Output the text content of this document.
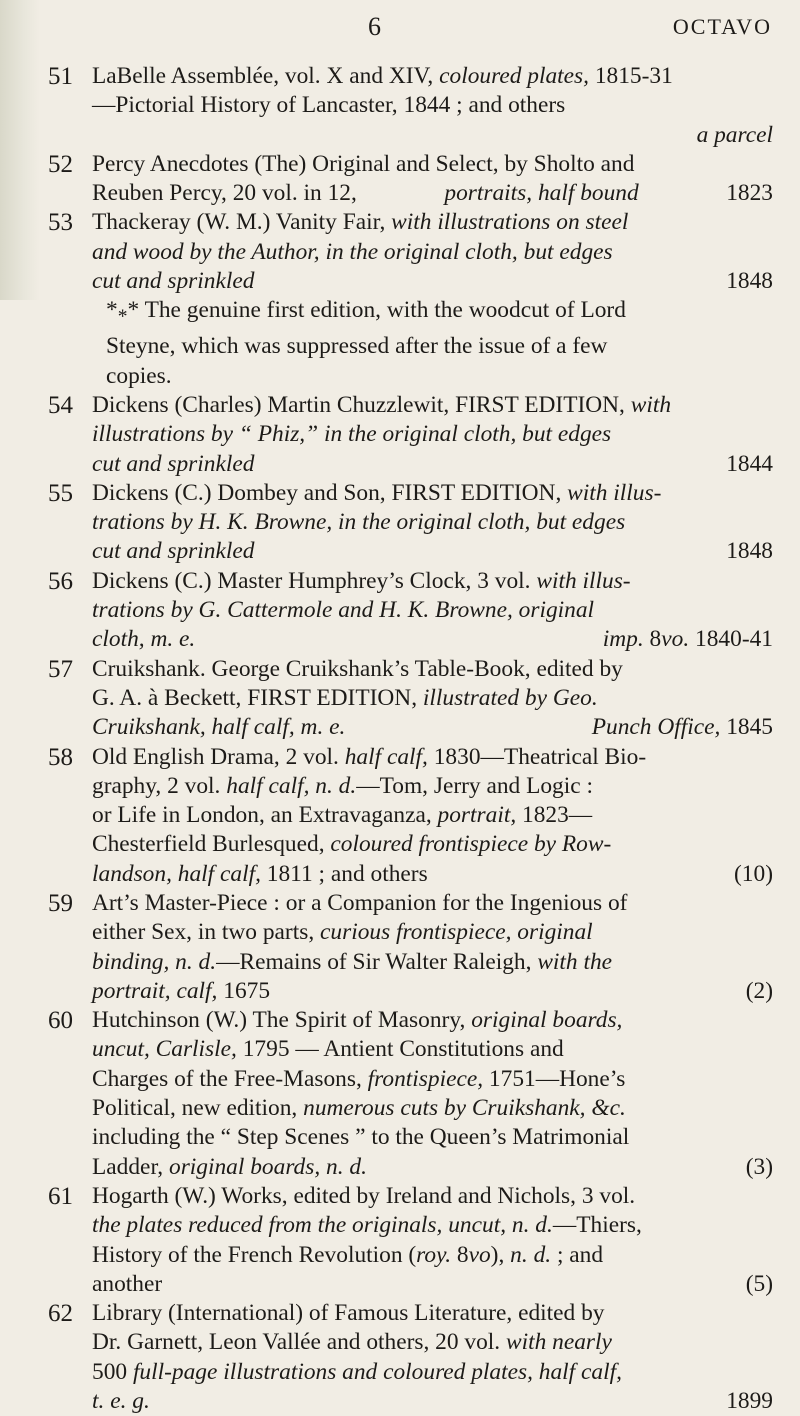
6	OCTAVO
51 LaBelle Assemblée, vol. X and XIV, coloured plates, 1815-31
—Pictorial History of Lancaster, 1844 ; and others
a parcel
52 Percy Anecdotes (The) Original and Select, by Sholto and
Reuben Percy, 20 vol. in 12,	portraits, half bound	1823
53 Thackeray (W. M.) Vanity Fair, with illustrations on steel
and wood by the Author, in the original cloth, but edges
cut and sprinkled	1848
$*_**$ The genuine first edition, with the woodcut of Lord
Steyne, which was suppressed after the issue of a few
copies.
54 Dickens (Charles) Martin Chuzzlewit, FIRST EDITION, with
illustrations by “ Phiz,” in the original cloth, but edges
cut and sprinkled	1844
55 Dickens (C.) Dombey and Son, FIRST EDITION, with illus-
trations by H. K. Browne, in the original cloth, but edges
cut and sprinkled	1848
56 Dickens (C.) Master Humphrey’s Clock, 3 vol. with illus-
trations by G. Cattermole and H. K. Browne, original
cloth, m. e.	imp. 8vo. 1840-41
57 Cruikshank. George Cruikshank’s Table-Book, edited by
G. A. à Beckett, FIRST EDITION, illustrated by Geo.
Cruikshank, half calf, m. e.	Punch Office, 1845
58 Old English Drama, 2 vol. half calf, 1830—Theatrical Bio-
graphy, 2 vol. half calf, n. d.—Tom, Jerry and Logic :
or Life in London, an Extravaganza, portrait, 1823—
Chesterfield Burlesqued, coloured frontispiece by Row-
landson, half calf, 1811 ; and others	(10)
59 Art’s Master-Piece : or a Companion for the Ingenious of
either Sex, in two parts, curious frontispiece, original
binding, n. d.—Remains of Sir Walter Raleigh, with the
portrait, calf, 1675	(2)
60 Hutchinson (W.) The Spirit of Masonry, original boards,
uncut, Carlisle, 1795 — Antient Constitutions and
Charges of the Free-Masons, frontispiece, 1751—Hone’s
Political, new edition, numerous cuts by Cruikshank, &c.
including the “ Step Scenes ” to the Queen’s Matrimonial
Ladder, original boards, n. d.	(3)
61 Hogarth (W.) Works, edited by Ireland and Nichols, 3 vol.
the plates reduced from the originals, uncut, n. d.—Thiers,
History of the French Revolution (roy. 8vo), n. d. ; and
another	(5)
62 Library (International) of Famous Literature, edited by
Dr. Garnett, Leon Vallée and others, 20 vol. with nearly
500 full-page illustrations and coloured plates, half calf,
t. e. g.	1899
